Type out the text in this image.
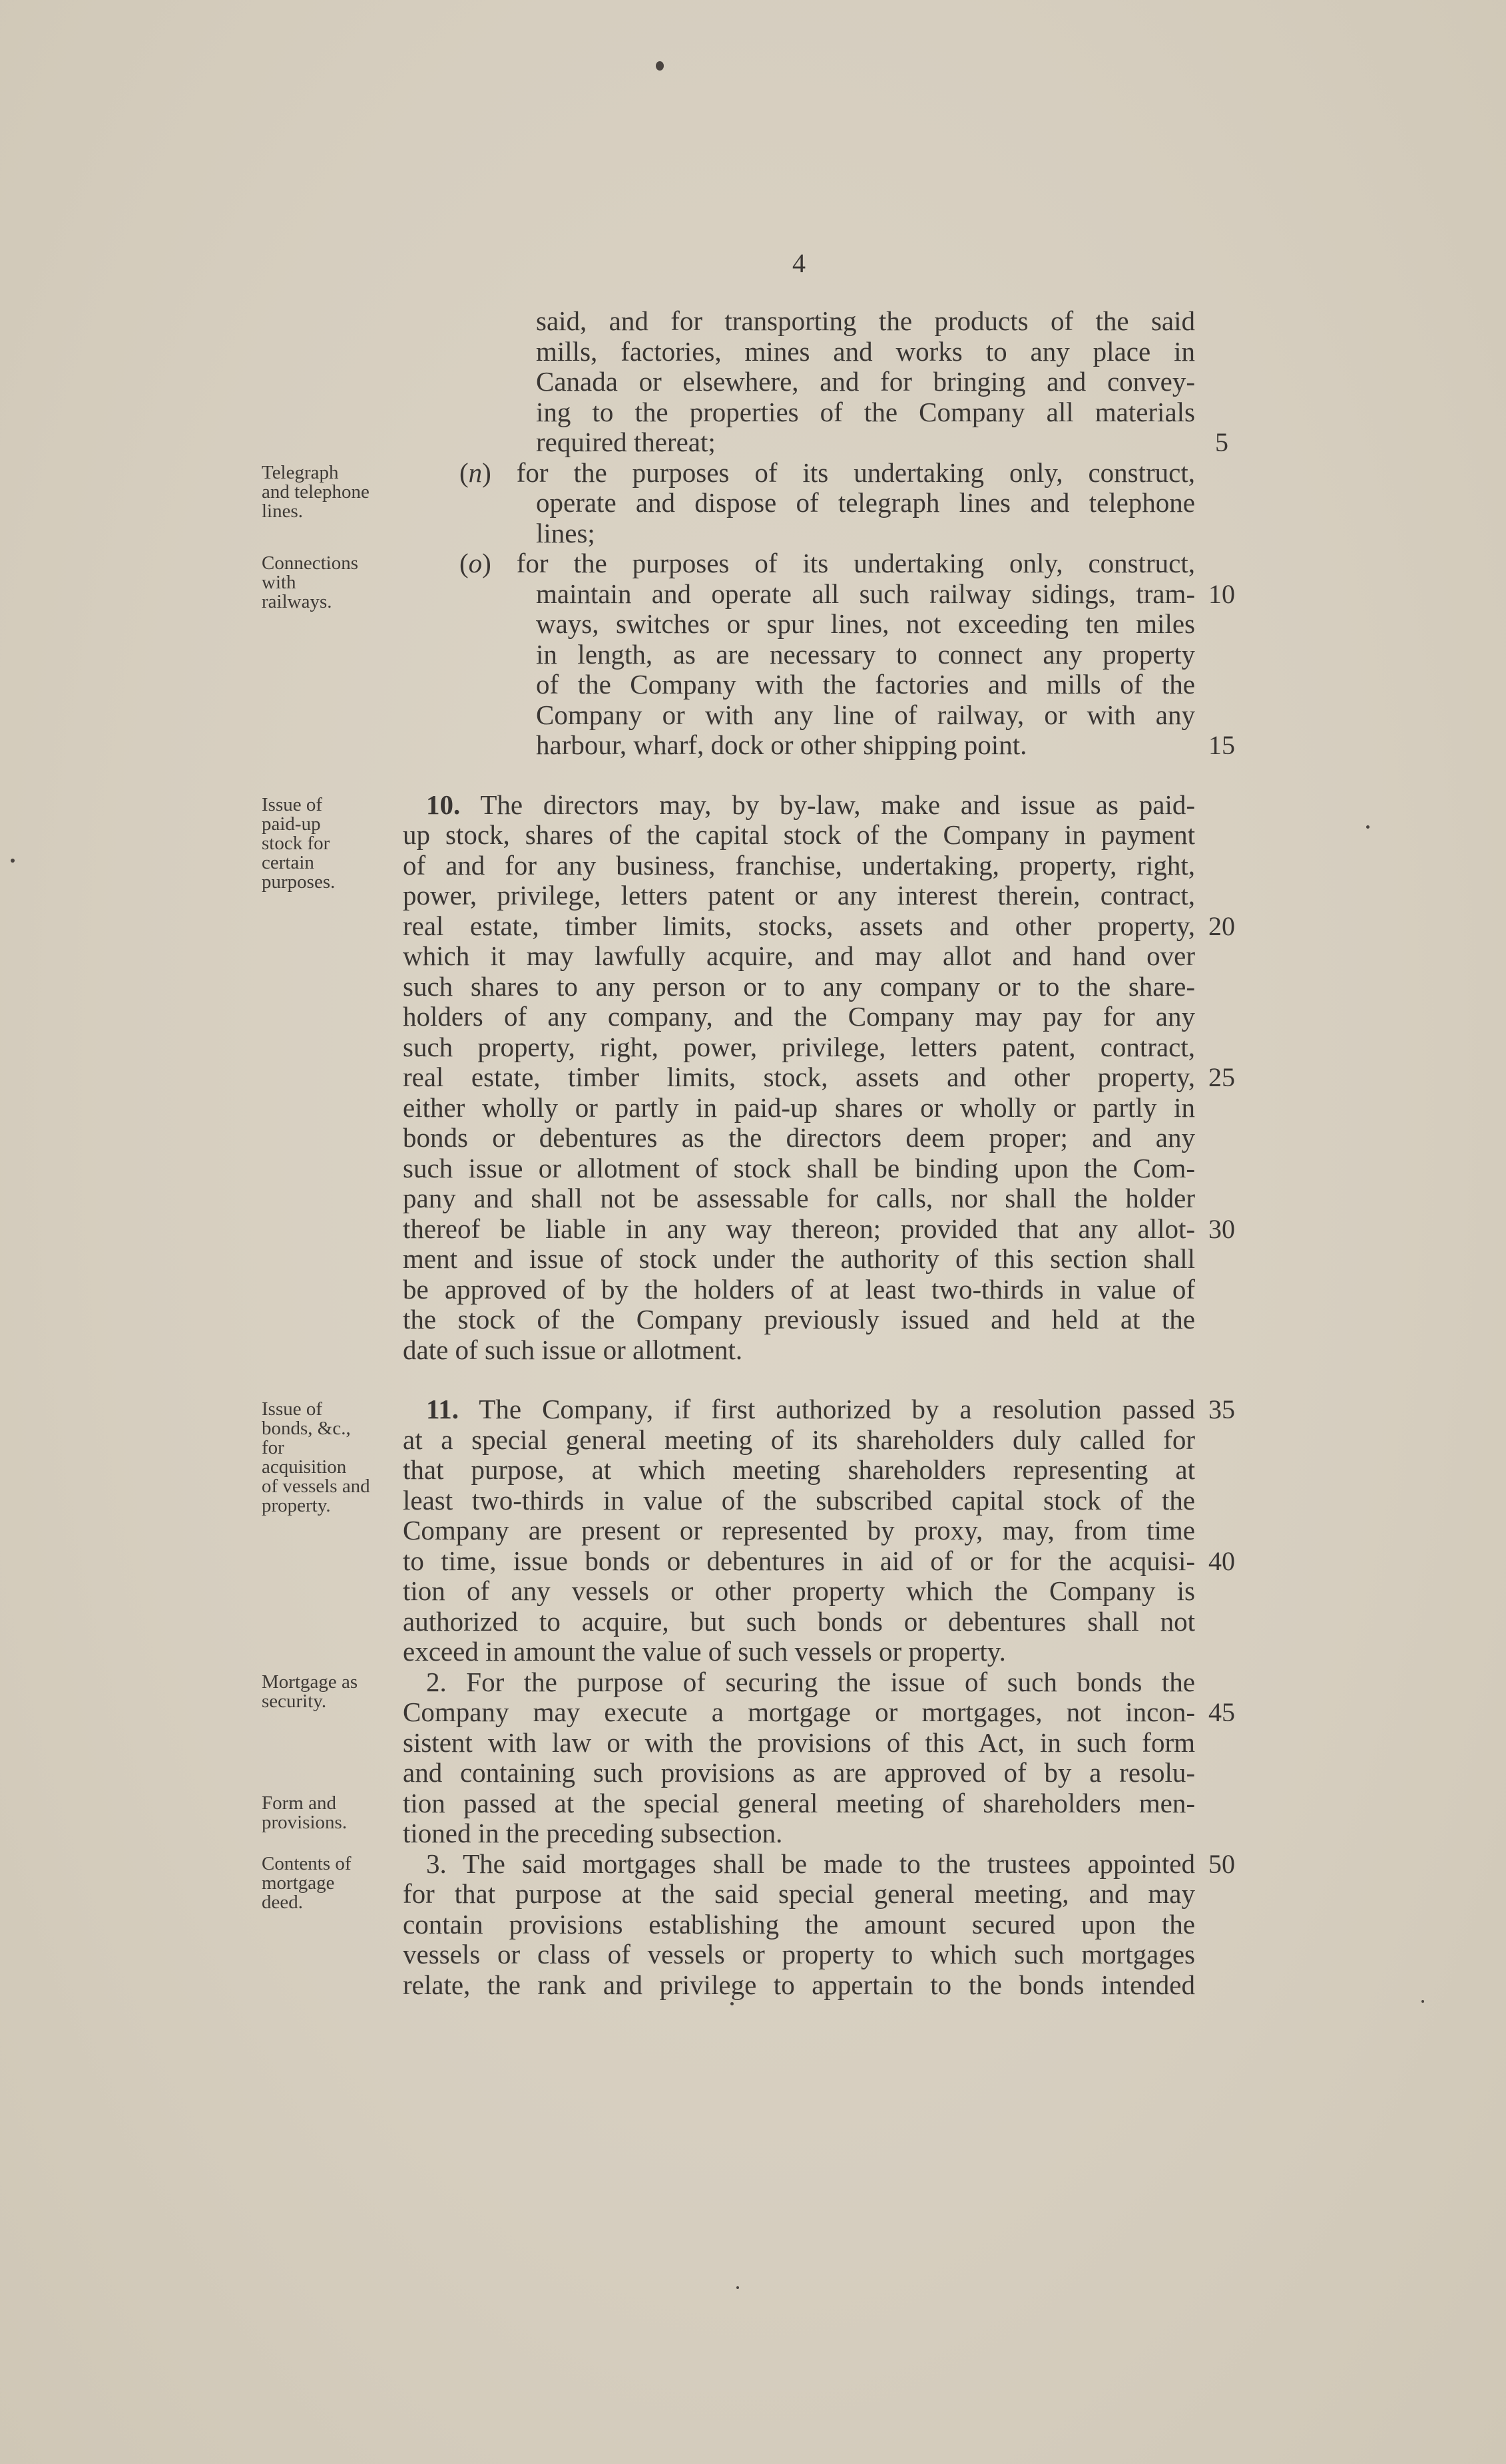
4
said, and for transporting the products of the said
mills, factories, mines and works to any place in
Canada or elsewhere, and for bringing and convey-
ing to the properties of the Company all materials
required thereat;
(n) for the purposes of its undertaking only, construct,
operate and dispose of telegraph lines and telephone
lines;
(o) for the purposes of its undertaking only, construct,
maintain and operate all such railway sidings, tram-
ways, switches or spur lines, not exceeding ten miles
in length, as are necessary to connect any property
of the Company with the factories and mills of the
Company or with any line of railway, or with any
harbour, wharf, dock or other shipping point.
10. The directors may, by by-law, make and issue as paid-
up stock, shares of the capital stock of the Company in payment
of and for any business, franchise, undertaking, property, right,
power, privilege, letters patent or any interest therein, contract,
real estate, timber limits, stocks, assets and other property,
which it may lawfully acquire, and may allot and hand over
such shares to any person or to any company or to the share-
holders of any company, and the Company may pay for any
such property, right, power, privilege, letters patent, contract,
real estate, timber limits, stock, assets and other property,
either wholly or partly in paid-up shares or wholly or partly in
bonds or debentures as the directors deem proper; and any
such issue or allotment of stock shall be binding upon the Com-
pany and shall not be assessable for calls, nor shall the holder
thereof be liable in any way thereon; provided that any allot-
ment and issue of stock under the authority of this section shall
be approved of by the holders of at least two-thirds in value of
the stock of the Company previously issued and held at the
date of such issue or allotment.
11. The Company, if first authorized by a resolution passed
at a special general meeting of its shareholders duly called for
that purpose, at which meeting shareholders representing at
least two-thirds in value of the subscribed capital stock of the
Company are present or represented by proxy, may, from time
to time, issue bonds or debentures in aid of or for the acquisi-
tion of any vessels or other property which the Company is
authorized to acquire, but such bonds or debentures shall not
exceed in amount the value of such vessels or property.
2. For the purpose of securing the issue of such bonds the
Company may execute a mortgage or mortgages, not incon-
sistent with law or with the provisions of this Act, in such form
and containing such provisions as are approved of by a resolu-
tion passed at the special general meeting of shareholders men-
tioned in the preceding subsection.
3. The said mortgages shall be made to the trustees appointed
for that purpose at the said special general meeting, and may
contain provisions establishing the amount secured upon the
vessels or class of vessels or property to which such mortgages
relate, the rank and privilege to appertain to the bonds intended
5
10
15
20
25
30
35
40
45
50
Telegraph
and telephone
lines.
Connections
with
railways.
Issue of
paid-up
stock for
certain
purposes.
Issue of
bonds, &c.,
for
acquisition
of vessels and
property.
Mortgage as
security.
Form and
provisions.
Contents of
mortgage
deed.
